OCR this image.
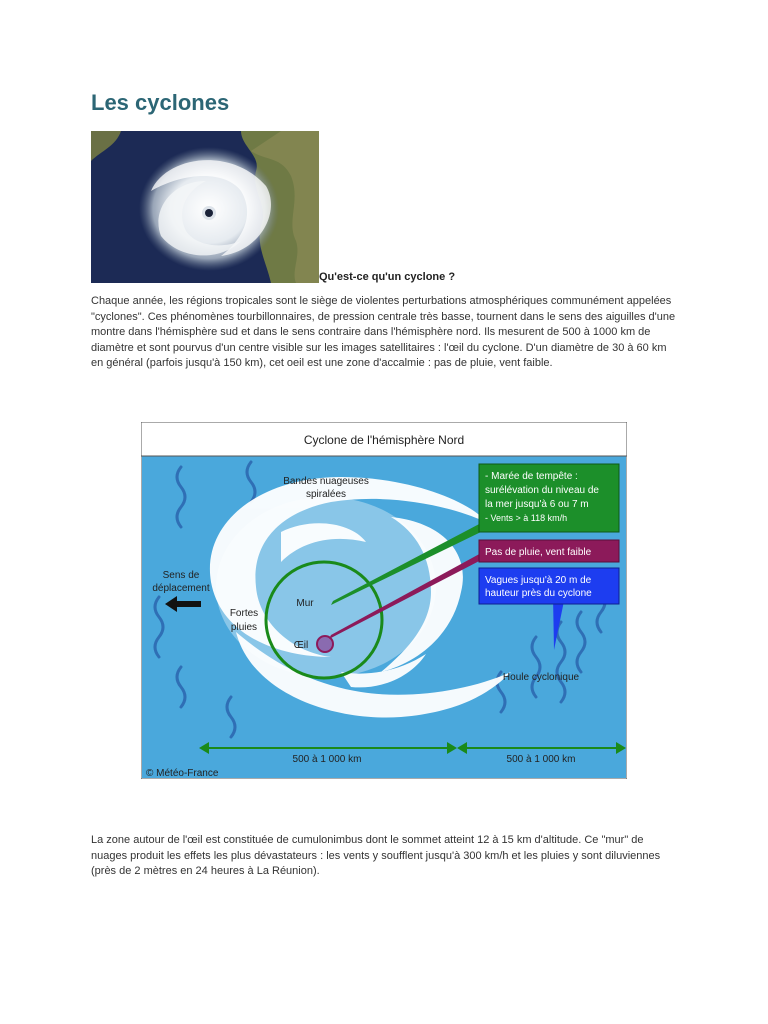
Les cyclones
Qu'est-ce qu'un cyclone ?

Chaque année, les régions tropicales sont le siège de violentes perturbations atmosphériques communément appelées "cyclones". Ces phénomènes tourbillonnaires, de pression centrale très basse, tournent dans le sens des aiguilles d'une montre dans l'hémisphère sud et dans le sens contraire dans l'hémisphère nord. Ils mesurent de 500 à 1000 km de diamètre et sont pourvus d'un centre visible sur les images satellitaires : l'œil du cyclone. D'un diamètre de 30 à 60 km en général (parfois jusqu'à 150 km), cet oeil est une zone d'accalmie : pas de pluie, vent faible.

Cyclone de l'hémisphère Nord
- Marée de tempête :
surélévation du niveau de
la mer jusqu'à 6 ou 7 m
- Vents > à 118 km/h
Pas de pluie, vent faible
Vagues jusqu'à 20 m de
hauteur près du cyclone
Bandes nuageuses
spiralées
Sens de
déplacement
Fortes
pluies
Mur
Œil
Houle cyclonique
500 à 1 000 km	500 à 1 000 km
© Météo-France

La zone autour de l'œil est constituée de cumulonimbus dont le sommet atteint 12 à 15 km d'altitude. Ce "mur" de nuages produit les effets les plus dévastateurs : les vents y soufflent jusqu'à 300 km/h et les pluies y sont diluviennes (près de 2 mètres en 24 heures à La Réunion).
